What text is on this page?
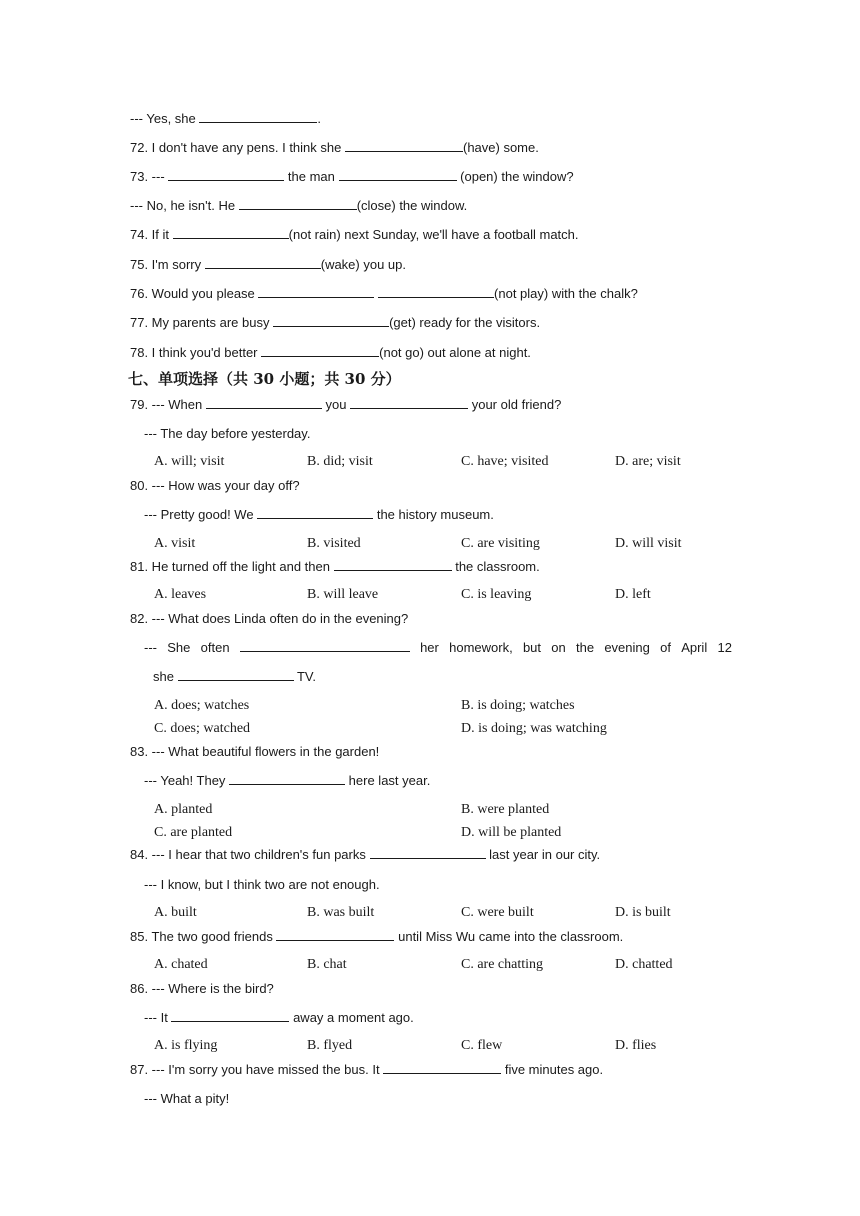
--- Yes, she	.
72. I don't have any pens. I think she	(have) some.
73. ---	the man	(open) the window?
--- No, he isn't. He	(close) the window.
74. If it	(not rain) next Sunday, we'll have a football match.
75. I'm sorry	(wake) you up.
76. Would you please	(not play) with the chalk?
77. My parents are busy	(get) ready for the visitors.
78. I think you'd better	(not go) out alone at night.
七、单项选择（共 30 小题；共 30 分）
79. --- When	you	your old friend?
--- The day before yesterday.
A. will; visit	B. did; visit	C. have; visited	D. are; visit
80. --- How was your day off?
--- Pretty good! We	the history museum.
A. visit	B. visited	C. are visiting	D. will visit
81. He turned off the light and then	the classroom.
A. leaves	B. will leave	C. is leaving	D. left
82. --- What does Linda often do in the evening?
--- She often	her homework, but on the evening of April 12
she	TV.
A. does; watches	B. is doing; watches
C. does; watched	D. is doing; was watching
83. --- What beautiful flowers in the garden!
--- Yeah! They	here last year.
A. planted	B. were planted
C. are planted	D. will be planted
84. --- I hear that two children's fun parks	last year in our city.
--- I know, but I think two are not enough.
A. built	B. was built	C. were built	D. is built
85. The two good friends	until Miss Wu came into the classroom.
A. chated	B. chat	C. are chatting	D. chatted
86. --- Where is the bird?
--- It	away a moment ago.
A. is flying	B. flyed	C. flew	D. flies
87. --- I'm sorry you have missed the bus. It	five minutes ago.
--- What a pity!
